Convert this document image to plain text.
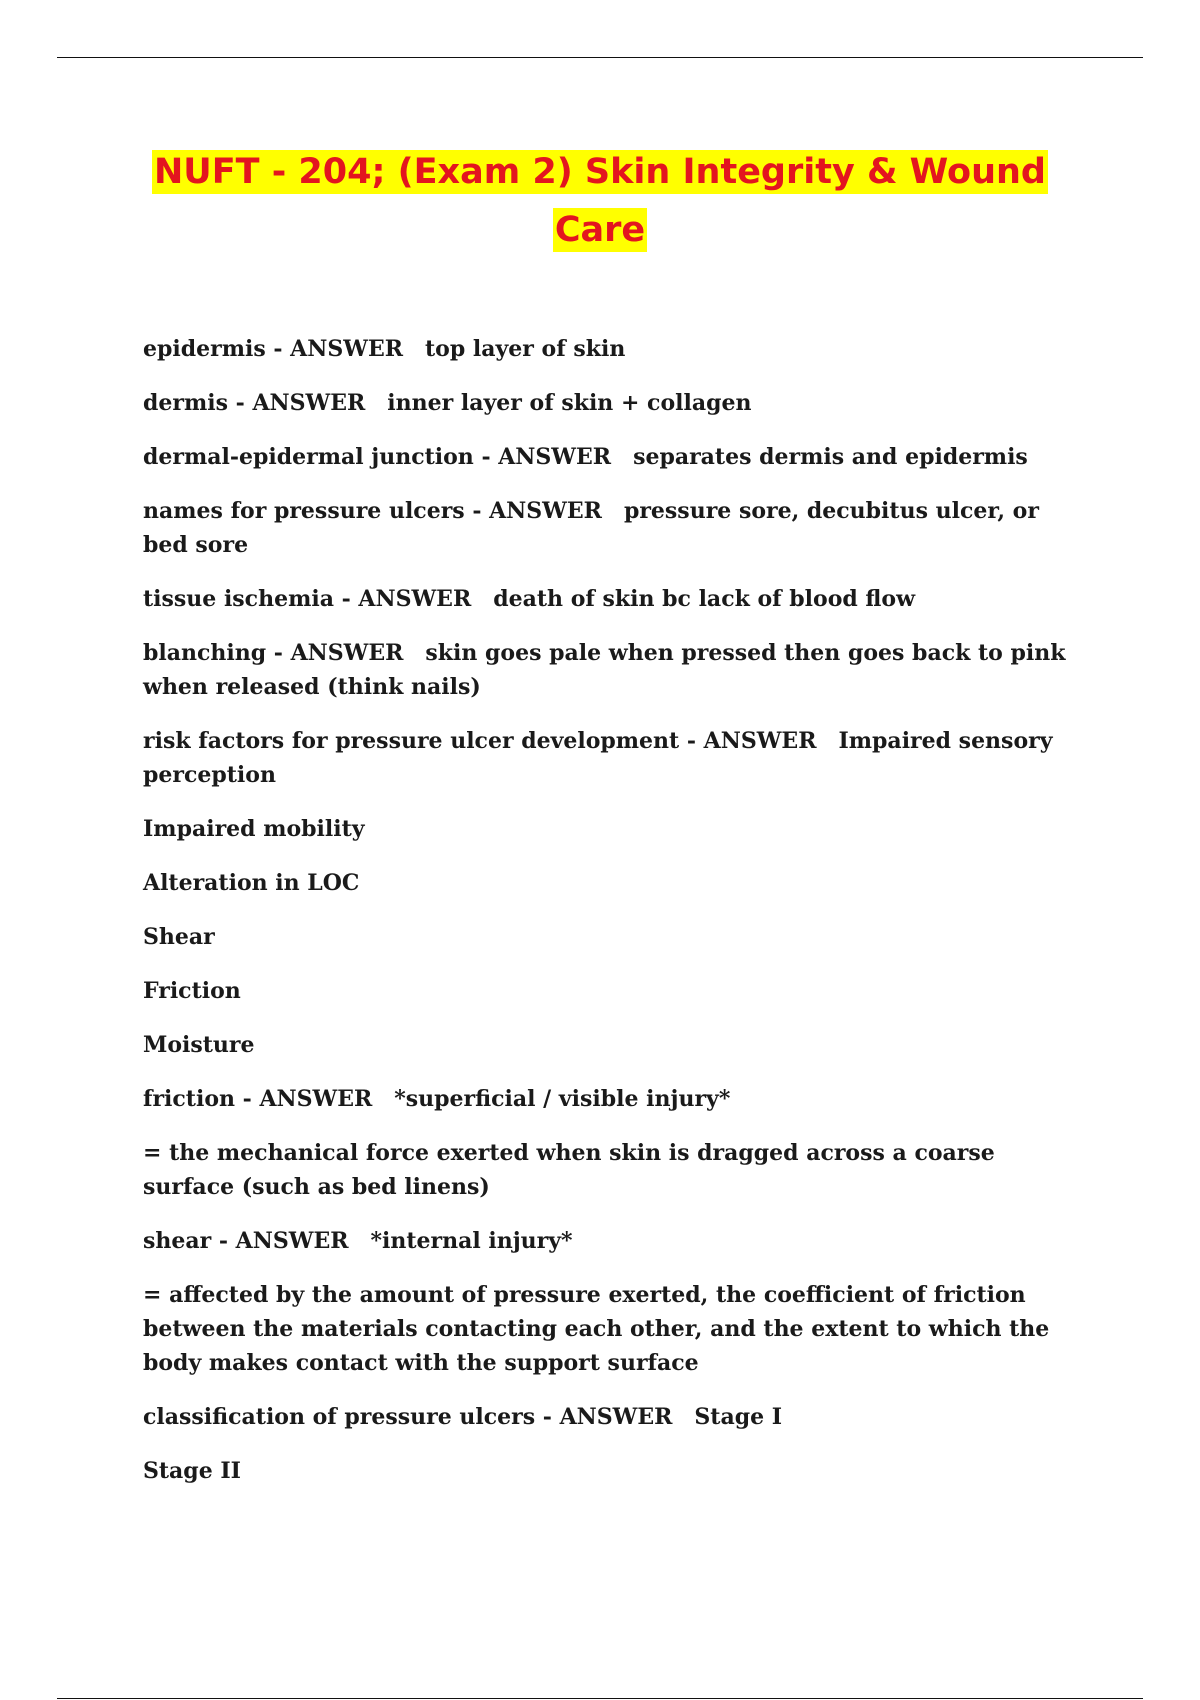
NUFT - 204; (Exam 2) Skin Integrity & Wound Care

epidermis - ANSWER top layer of skin

dermis - ANSWER inner layer of skin + collagen

dermal-epidermal junction - ANSWER separates dermis and epidermis

names for pressure ulcers - ANSWER pressure sore, decubitus ulcer, or bed sore

tissue ischemia - ANSWER death of skin bc lack of blood flow

blanching - ANSWER skin goes pale when pressed then goes back to pink when released (think nails)

risk factors for pressure ulcer development - ANSWER Impaired sensory perception

Impaired mobility

Alteration in LOC

Shear

Friction

Moisture

friction - ANSWER *superficial / visible injury*

= the mechanical force exerted when skin is dragged across a coarse surface (such as bed linens)

shear - ANSWER *internal injury*

= affected by the amount of pressure exerted, the coefficient of friction between the materials contacting each other, and the extent to which the body makes contact with the support surface

classification of pressure ulcers - ANSWER Stage I

Stage II
